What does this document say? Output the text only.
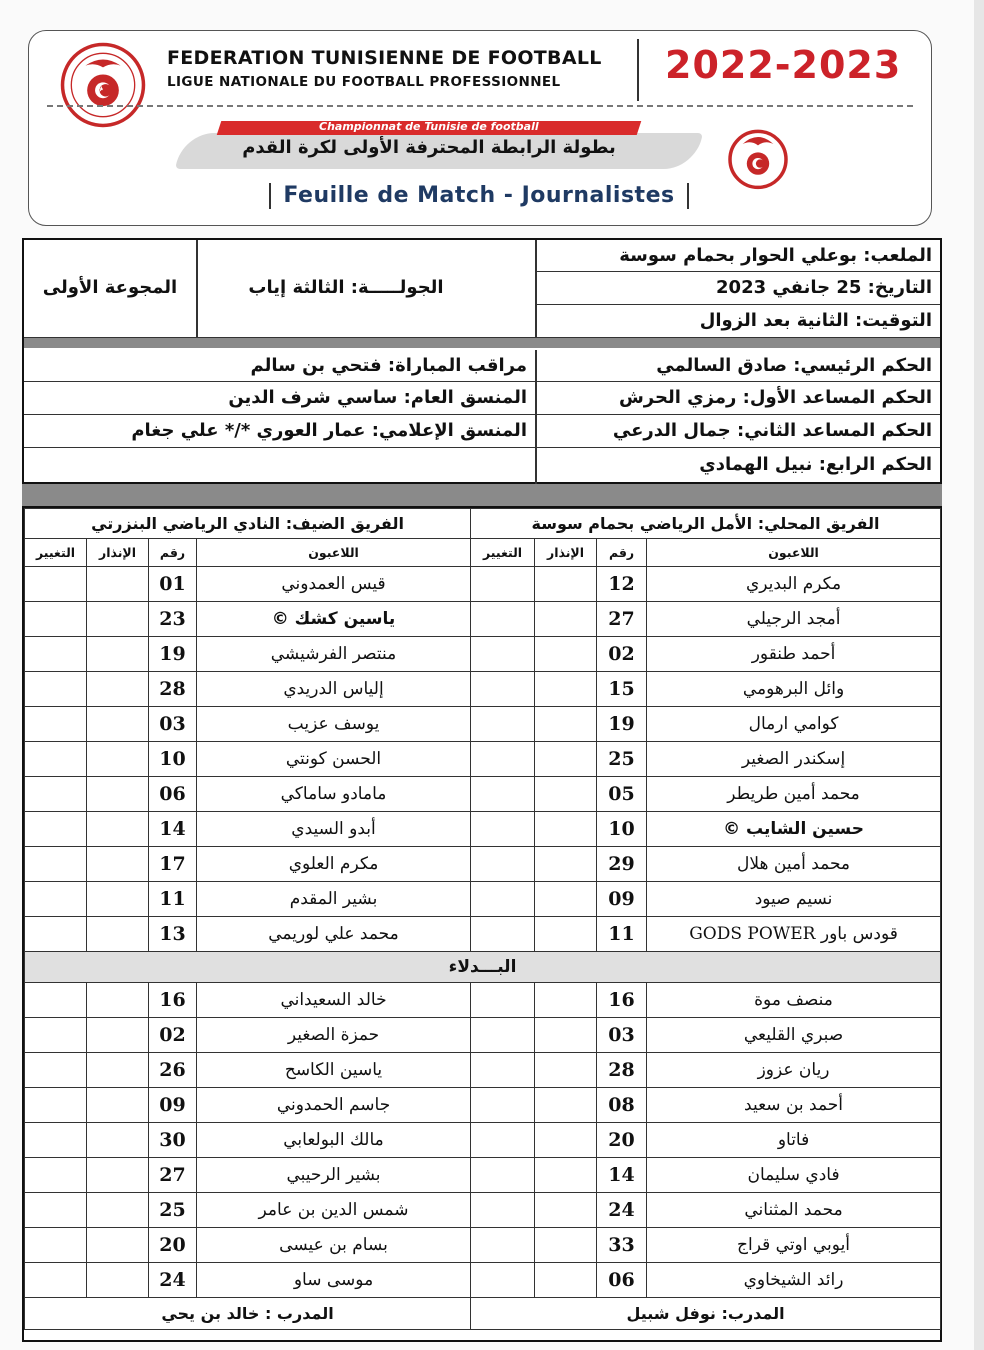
FEDERATION TUNISIENNE DE FOOTBALL
LIGUE NATIONALE DU FOOTBALL PROFESSIONNEL	2022-2023
Championnat de Tunisie de football
بطولة الرابطة المحترفة الأولى لكرة القدم
Feuille de Match - Journalistes
الملعب: بوعلي الحوار بحمام سوسة
التاريخ: 25 جانفي 2023
التوقيت: الثانية بعد الزوال
الجولـــــة: الثالثة إياب
المجوعة الأولى
الحكم الرئيسي: صادق السالمي
الحكم المساعد الأول: رمزي الحرش
الحكم المساعد الثاني: جمال الدرعي
الحكم الرابع: نبيل الهمادي
مراقب المباراة: فتحي بن سالم
المنسق العام: ساسي شرف الدين
المنسق الإعلامي: عمار العوري */* علي جغام
الفريق الضيف: النادي الرياضي البنزرتي				الفريق المحلي: الأمل الرياضي بحمام سوسة			
التغيير	الإنذار	رقم	اللاعبون	التغيير	الإنذار	رقم	اللاعبون
		01	قيس العمدوني			12	مكرم البديري
		23	ياسين كشك ©			27	أمجد الرجيلي
		19	منتصر الفرشيشي			02	أحمد طنقور
		28	إلياس الدريدي			15	وائل البرهومي
		03	يوسف عزيب			19	كوامي ارمال
		10	الحسن كونتي			25	إسكندر الصغير
		06	مامادو ساماكي			05	محمد أمين طريطر
		14	أبدو السيدي			10	حسين الشايب ©
		17	مكرم العلوي			29	محمد أمين هلال
		11	بشير المقدم			09	نسيم صيود
		13	محمد علي لوريمي			11	قودس باور GODS POWER
البـــدلاء							
		16	خالد السعيداني			16	منصف موة
		02	حمزة الصغير			03	صبري القليعي
		26	ياسين الكاسح			28	ريان عزوز
		09	جاسم الحمدوني			08	أحمد بن سعيد
		30	مالك البولعابي			20	فاتاو
		27	بشير الرحيبي			14	فادي سليمان
		25	شمس الدين بن عامر			24	محمد المثناني
		20	بسام بن عيسى			33	أيوبي اوتي قراج
		24	موسى ساو			06	رائد الشيخاوي
المدرب : خالد بن يحي				المدرب: نوفل شبيل			
